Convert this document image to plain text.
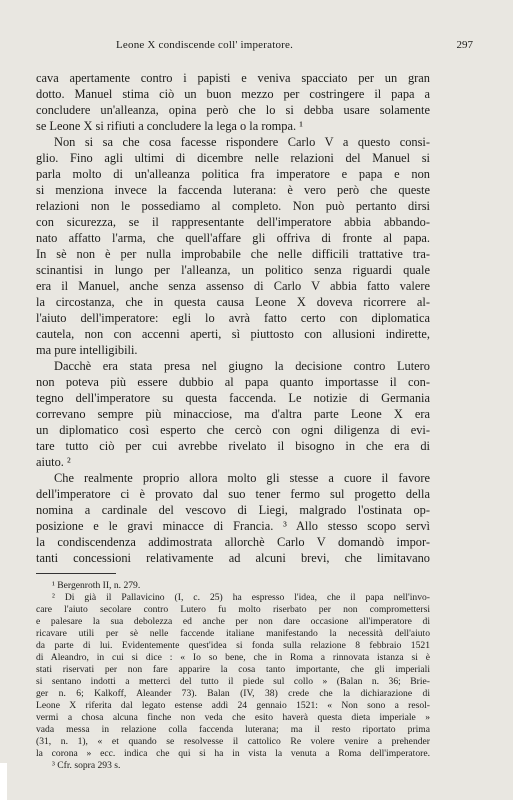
Leone X condiscende coll' imperatore.	297
cava apertamente contro i papisti e veniva spacciato per un gran
dotto. Manuel stima ciò un buon mezzo per costringere il papa a
concludere un'alleanza, opina però che lo si debba usare solamente
se Leone X si rifiuti a concludere la lega o la rompa. ¹
Non si sa che cosa facesse rispondere Carlo V a questo consi-
glio. Fino agli ultimi di dicembre nelle relazioni del Manuel si
parla molto di un'alleanza politica fra imperatore e papa e non
si menziona invece la faccenda luterana: è vero però che queste
relazioni non le possediamo al completo. Non può pertanto dirsi
con sicurezza, se il rappresentante dell'imperatore abbia abbando-
nato affatto l'arma, che quell'affare gli offriva di fronte al papa.
In sè non è per nulla improbabile che nelle difficili trattative tra-
scinantisi in lungo per l'alleanza, un politico senza riguardi quale
era il Manuel, anche senza assenso di Carlo V abbia fatto valere
la circostanza, che in questa causa Leone X doveva ricorrere al-
l'aiuto dell'imperatore: egli lo avrà fatto certo con diplomatica
cautela, non con accenni aperti, sì piuttosto con allusioni indirette,
ma pure intelligibili.
Dacchè era stata presa nel giugno la decisione contro Lutero
non poteva più essere dubbio al papa quanto importasse il con-
tegno dell'imperatore su questa faccenda. Le notizie di Germania
correvano sempre più minacciose, ma d'altra parte Leone X era
un diplomatico così esperto che cercò con ogni diligenza di evi-
tare tutto ciò per cui avrebbe rivelato il bisogno in che era di
aiuto. ²
Che realmente proprio allora molto gli stesse a cuore il favore
dell'imperatore ci è provato dal suo tener fermo sul progetto della
nomina a cardinale del vescovo di Liegi, malgrado l'ostinata op-
posizione e le gravi minacce di Francia. ³ Allo stesso scopo servì
la condiscendenza addimostrata allorchè Carlo V domandò impor-
tanti concessioni relativamente ad alcuni brevi, che limitavano
¹ Bergenroth II, n. 279.
² Di già il Pallavicino (I, c. 25) ha espresso l'idea, che il papa nell'invo-
care l'aiuto secolare contro Lutero fu molto riserbato per non compromettersi
e palesare la sua debolezza ed anche per non dare occasione all'imperatore di
ricavare utili per sè nelle faccende italiane manifestando la necessità dell'aiuto
da parte di lui. Evidentemente quest'idea si fonda sulla relazione 8 febbraio 1521
di Aleandro, in cui si dice : « Io so bene, che in Roma a rinnovata istanza si è
stati riservati per non fare apparire la cosa tanto importante, che gli imperiali
si sentano indotti a metterci del tutto il piede sul collo » (Balan n. 36; Brie-
ger n. 6; Kalkoff, Aleander 73). Balan (IV, 38) crede che la dichiarazione di
Leone X riferita dal legato estense addì 24 gennaio 1521: « Non sono a resol-
vermi a chosa alcuna finche non veda che esito haverà questa dieta imperiale »
vada messa in relazione colla faccenda luterana; ma il resto riportato prima
(31, n. 1), « et quando se resolvesse il cattolico Re volere venire a prehender
la corona » ecc. indica che qui si ha in vista la venuta a Roma dell'imperatore.
³ Cfr. sopra 293 s.
